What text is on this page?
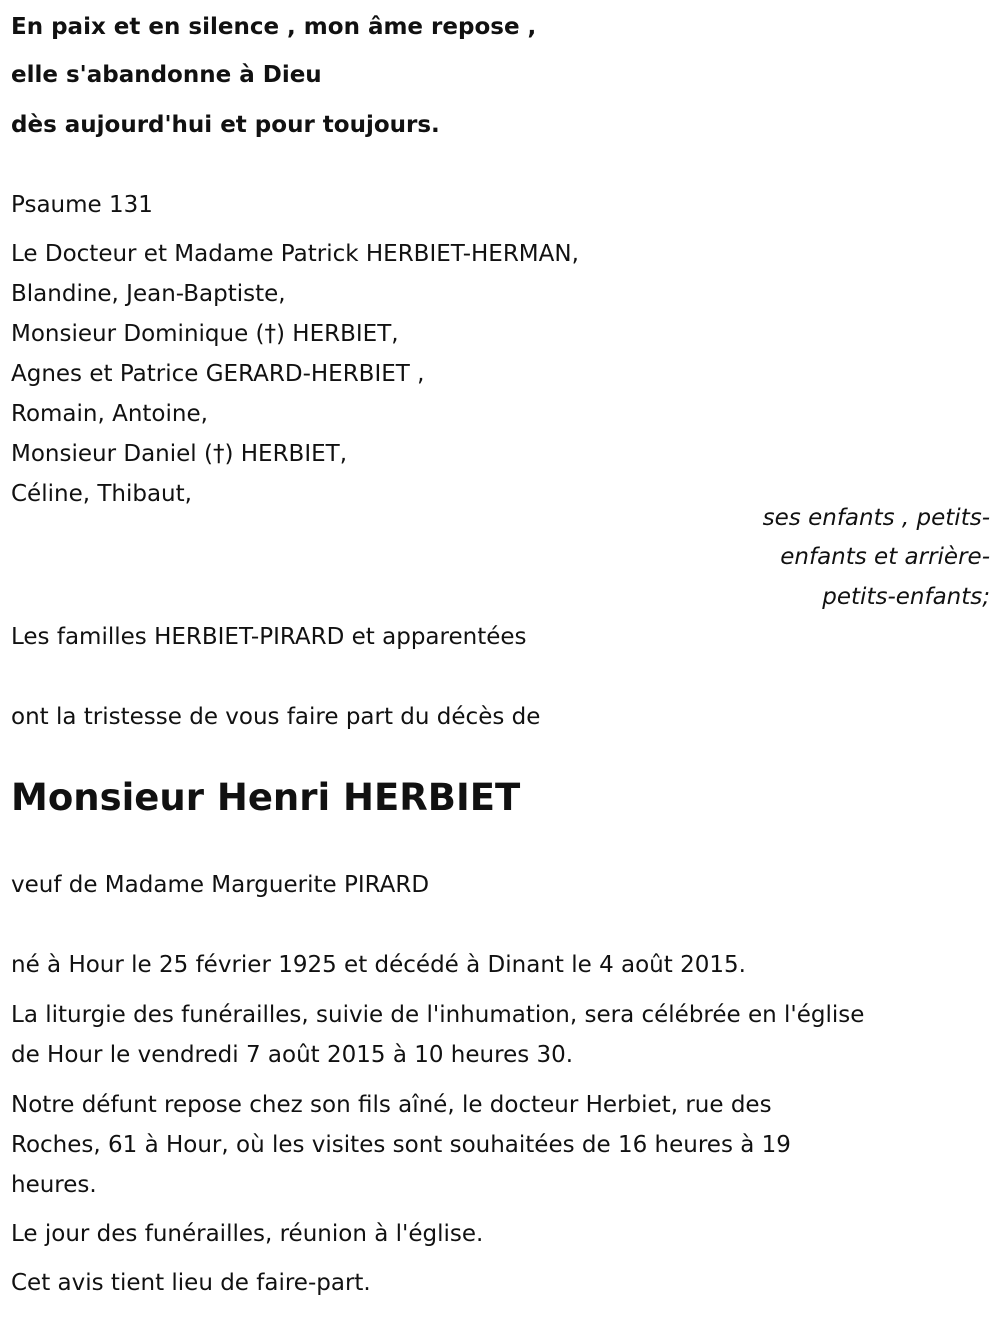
En paix et en silence , mon âme repose ,
elle s'abandonne à Dieu
dès aujourd'hui et pour toujours.
Psaume 131
Le Docteur et Madame Patrick HERBIET-HERMAN,
Blandine, Jean-Baptiste,
Monsieur Dominique (†) HERBIET,
Agnes et Patrice GERARD-HERBIET ,
Romain, Antoine,
Monsieur Daniel (†) HERBIET,
Céline, Thibaut,
ses enfants , petits-
enfants et arrière-
petits-enfants;
Les familles HERBIET-PIRARD et apparentées
ont la tristesse de vous faire part du décès de
Monsieur Henri HERBIET
veuf de Madame Marguerite PIRARD
né à Hour le 25 février 1925 et décédé à Dinant le 4 août 2015.
La liturgie des funérailles, suivie de l'inhumation, sera célébrée en l'église
de Hour le vendredi 7 août 2015 à 10 heures 30.
Notre défunt repose chez son fils aîné, le docteur Herbiet, rue des
Roches, 61 à Hour, où les visites sont souhaitées de 16 heures à 19
heures.
Le jour des funérailles, réunion à l'église.
Cet avis tient lieu de faire-part.
